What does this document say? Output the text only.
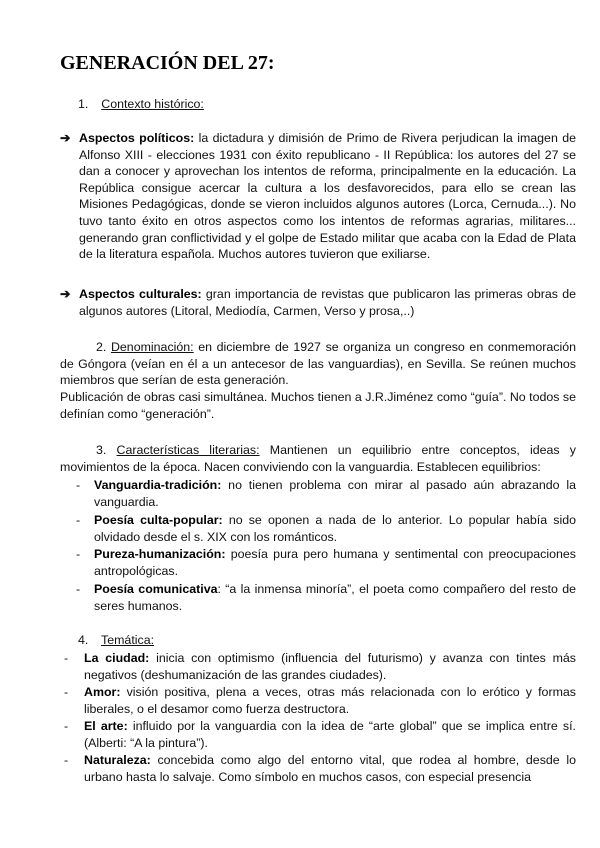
GENERACIÓN DEL 27:
1. Contexto histórico:
➔ Aspectos políticos: la dictadura y dimisión de Primo de Rivera perjudican la imagen de Alfonso XIII - elecciones 1931 con éxito republicano - II República: los autores del 27 se dan a conocer y aprovechan los intentos de reforma, principalmente en la educación. La República consigue acercar la cultura a los desfavorecidos, para ello se crean las Misiones Pedagógicas, donde se vieron incluidos algunos autores (Lorca, Cernuda...). No tuvo tanto éxito en otros aspectos como los intentos de reformas agrarias, militares... generando gran conflictividad y el golpe de Estado militar que acaba con la Edad de Plata de la literatura española. Muchos autores tuvieron que exiliarse.
➔ Aspectos culturales: gran importancia de revistas que publicaron las primeras obras de algunos autores (Litoral, Mediodía, Carmen, Verso y prosa,..)
2. Denominación: en diciembre de 1927 se organiza un congreso en conmemoración de Góngora (veían en él a un antecesor de las vanguardias), en Sevilla. Se reúnen muchos miembros que serían de esta generación.
Publicación de obras casi simultánea. Muchos tienen a J.R.Jiménez como “guía”. No todos se definían como “generación”.
3. Características literarias: Mantienen un equilibrio entre conceptos, ideas y movimientos de la época. Nacen conviviendo con la vanguardia. Establecen equilibrios:
- Vanguardia-tradición: no tienen problema con mirar al pasado aún abrazando la vanguardia.
- Poesía culta-popular: no se oponen a nada de lo anterior. Lo popular había sido olvidado desde el s. XIX con los románticos.
- Pureza-humanización: poesía pura pero humana y sentimental con preocupaciones antropológicas.
- Poesía comunicativa: “a la inmensa minoría”, el poeta como compañero del resto de seres humanos.
4. Temática:
- La ciudad: inicia con optimismo (influencia del futurismo) y avanza con tintes más negativos (deshumanización de las grandes ciudades).
- Amor: visión positiva, plena a veces, otras más relacionada con lo erótico y formas liberales, o el desamor como fuerza destructora.
- El arte: influido por la vanguardia con la idea de “arte global” que se implica entre sí. (Alberti: “A la pintura”).
- Naturaleza: concebida como algo del entorno vital, que rodea al hombre, desde lo urbano hasta lo salvaje. Como símbolo en muchos casos, con especial presencia
